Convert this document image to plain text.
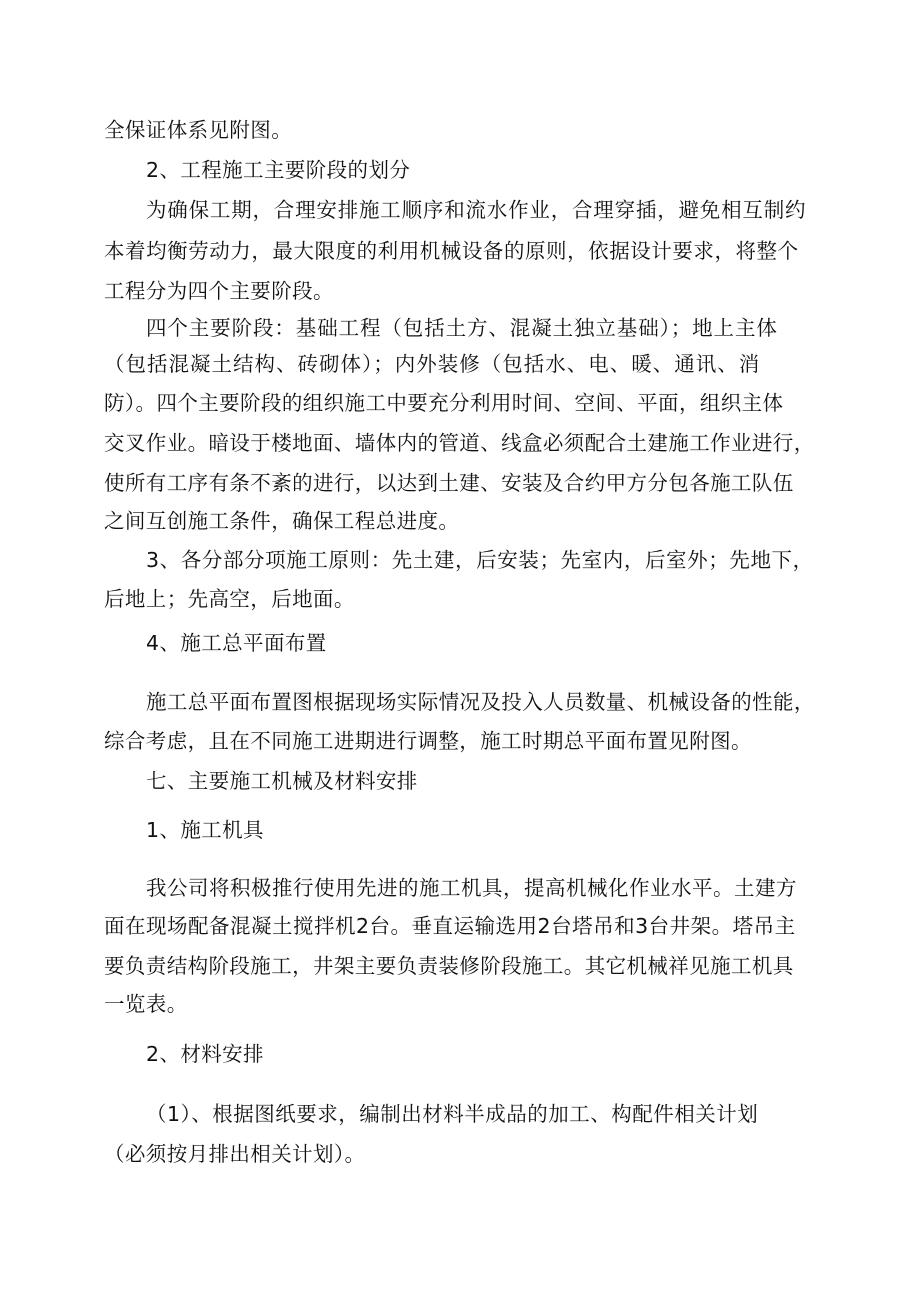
全保证体系见附图。
2、工程施工主要阶段的划分
为确保工期，合理安排施工顺序和流水作业，合理穿插，避免相互制约
本着均衡劳动力，最大限度的利用机械设备的原则，依据设计要求，将整个
工程分为四个主要阶段。
四个主要阶段：基础工程（包括土方、混凝土独立基础）；地上主体
（包括混凝土结构、砖砌体）；内外装修（包括水、电、暖、通讯、消
防）。四个主要阶段的组织施工中要充分利用时间、空间、平面，组织主体
交叉作业。暗设于楼地面、墙体内的管道、线盒必须配合土建施工作业进行，
使所有工序有条不紊的进行，以达到土建、安装及合约甲方分包各施工队伍
之间互创施工条件，确保工程总进度。
3、各分部分项施工原则：先土建，后安装；先室内，后室外；先地下，
后地上；先高空，后地面。
4、施工总平面布置
施工总平面布置图根据现场实际情况及投入人员数量、机械设备的性能，
综合考虑，且在不同施工进期进行调整，施工时期总平面布置见附图。
七、主要施工机械及材料安排
1、施工机具
我公司将积极推行使用先进的施工机具，提高机械化作业水平。土建方
面在现场配备混凝土搅拌机2台。垂直运输选用2台塔吊和3台井架。塔吊主
要负责结构阶段施工，井架主要负责装修阶段施工。其它机械祥见施工机具
一览表。
2、材料安排
（1）、根据图纸要求，编制出材料半成品的加工、构配件相关计划
（必须按月排出相关计划）。
